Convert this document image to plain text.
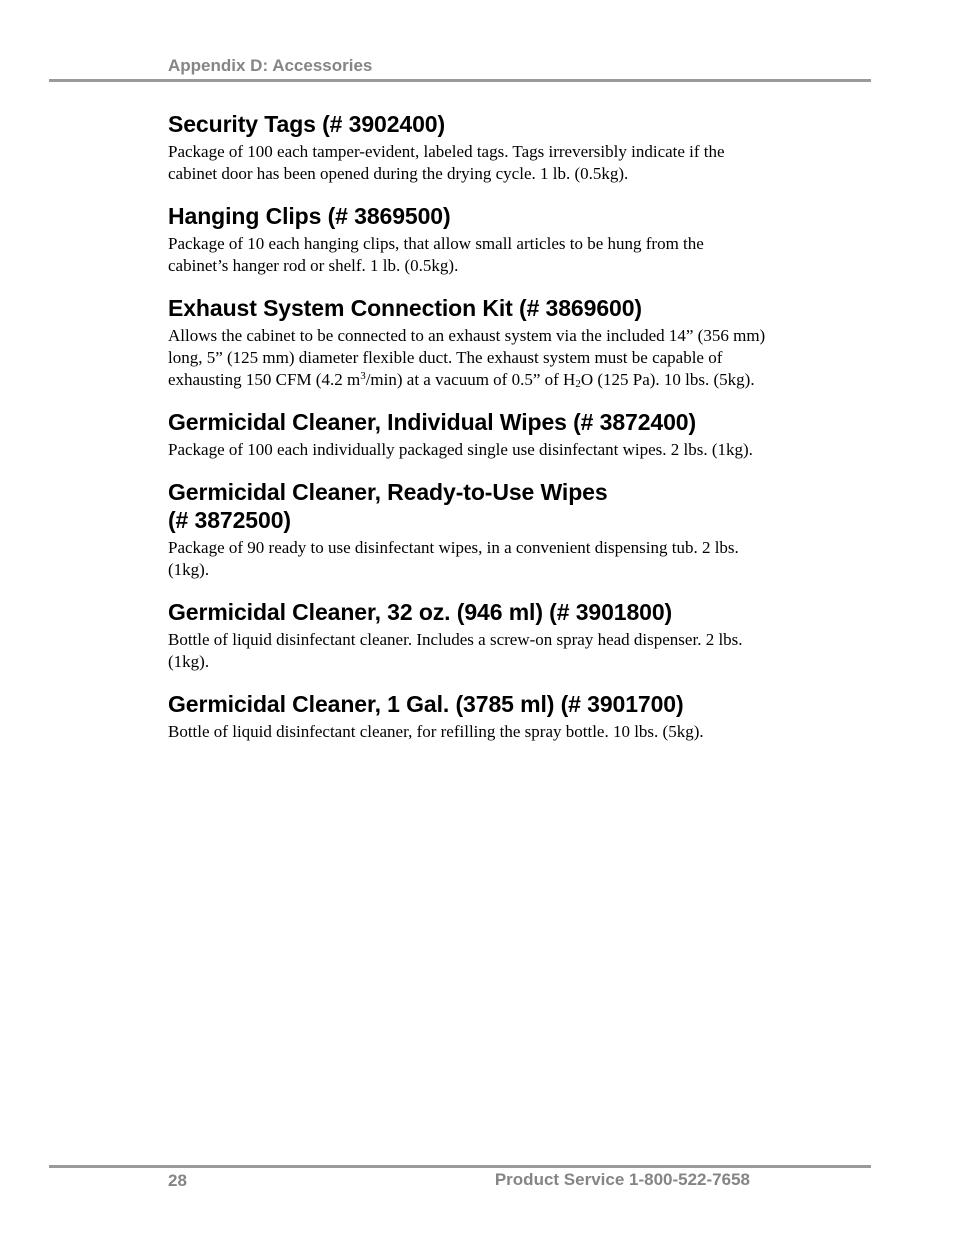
Appendix D: Accessories
Security Tags (# 3902400)

Package of 100 each tamper-evident, labeled tags. Tags irreversibly indicate if the cabinet door has been opened during the drying cycle. 1 lb. (0.5kg).

Hanging Clips (# 3869500)

Package of 10 each hanging clips, that allow small articles to be hung from the cabinet’s hanger rod or shelf. 1 lb. (0.5kg).

Exhaust System Connection Kit (# 3869600)

Allows the cabinet to be connected to an exhaust system via the included 14” (356 mm) long, 5” (125 mm) diameter flexible duct. The exhaust system must be capable of exhausting 150 CFM (4.2 $m^3/\min$) at a vacuum of 0.5” of $H_2O$ (125 Pa). 10 lbs. (5kg).

Germicidal Cleaner, Individual Wipes (# 3872400)

Package of 100 each individually packaged single use disinfectant wipes. 2 lbs. (1kg).

Germicidal Cleaner, Ready-to-Use Wipes
(# 3872500)

Package of 90 ready to use disinfectant wipes, in a convenient dispensing tub. 2 lbs. (1kg).

Germicidal Cleaner, 32 oz. (946 ml) (# 3901800)

Bottle of liquid disinfectant cleaner. Includes a screw-on spray head dispenser. 2 lbs. (1kg).

Germicidal Cleaner, 1 Gal. (3785 ml) (# 3901700)

Bottle of liquid disinfectant cleaner, for refilling the spray bottle. 10 lbs. (5kg).

28	Product Service 1-800-522-7658
